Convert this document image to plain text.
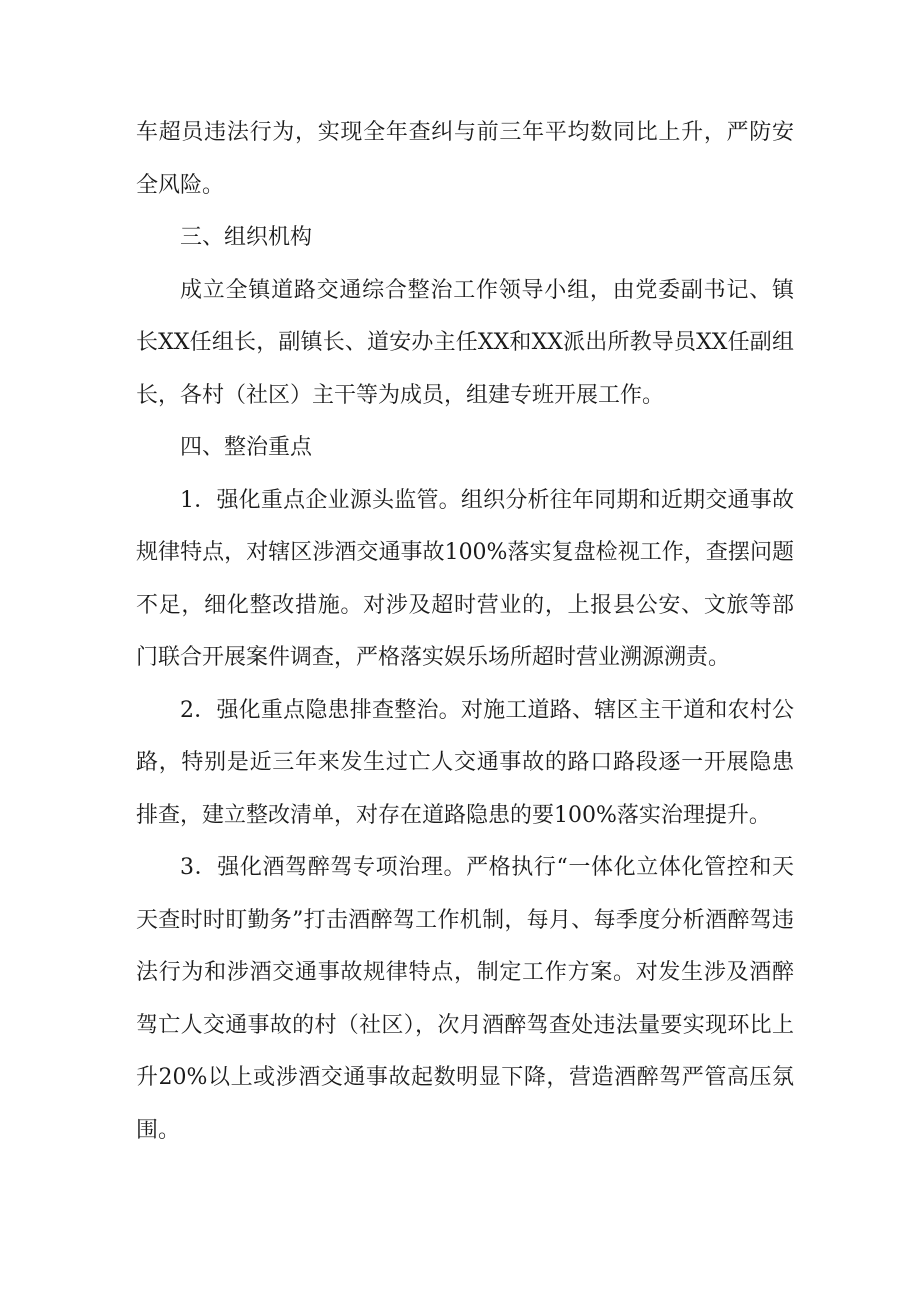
车超员违法行为，实现全年查纠与前三年平均数同比上升，严防安全风险。

三、组织机构

成立全镇道路交通综合整治工作领导小组，由党委副书记、镇长XX任组长，副镇长、道安办主任XX和XX派出所教导员XX任副组长，各村（社区）主干等为成员，组建专班开展工作。

四、整治重点

1．强化重点企业源头监管。组织分析往年同期和近期交通事故规律特点，对辖区涉酒交通事故100%落实复盘检视工作，查摆问题不足，细化整改措施。对涉及超时营业的，上报县公安、文旅等部门联合开展案件调查，严格落实娱乐场所超时营业溯源溯责。

2．强化重点隐患排查整治。对施工道路、辖区主干道和农村公路，特别是近三年来发生过亡人交通事故的路口路段逐一开展隐患排查，建立整改清单，对存在道路隐患的要100%落实治理提升。

3．强化酒驾醉驾专项治理。严格执行“一体化立体化管控和天天查时时盯勤务”打击酒醉驾工作机制，每月、每季度分析酒醉驾违法行为和涉酒交通事故规律特点，制定工作方案。对发生涉及酒醉驾亡人交通事故的村（社区），次月酒醉驾查处违法量要实现环比上升20%以上或涉酒交通事故起数明显下降，营造酒醉驾严管高压氛围。
